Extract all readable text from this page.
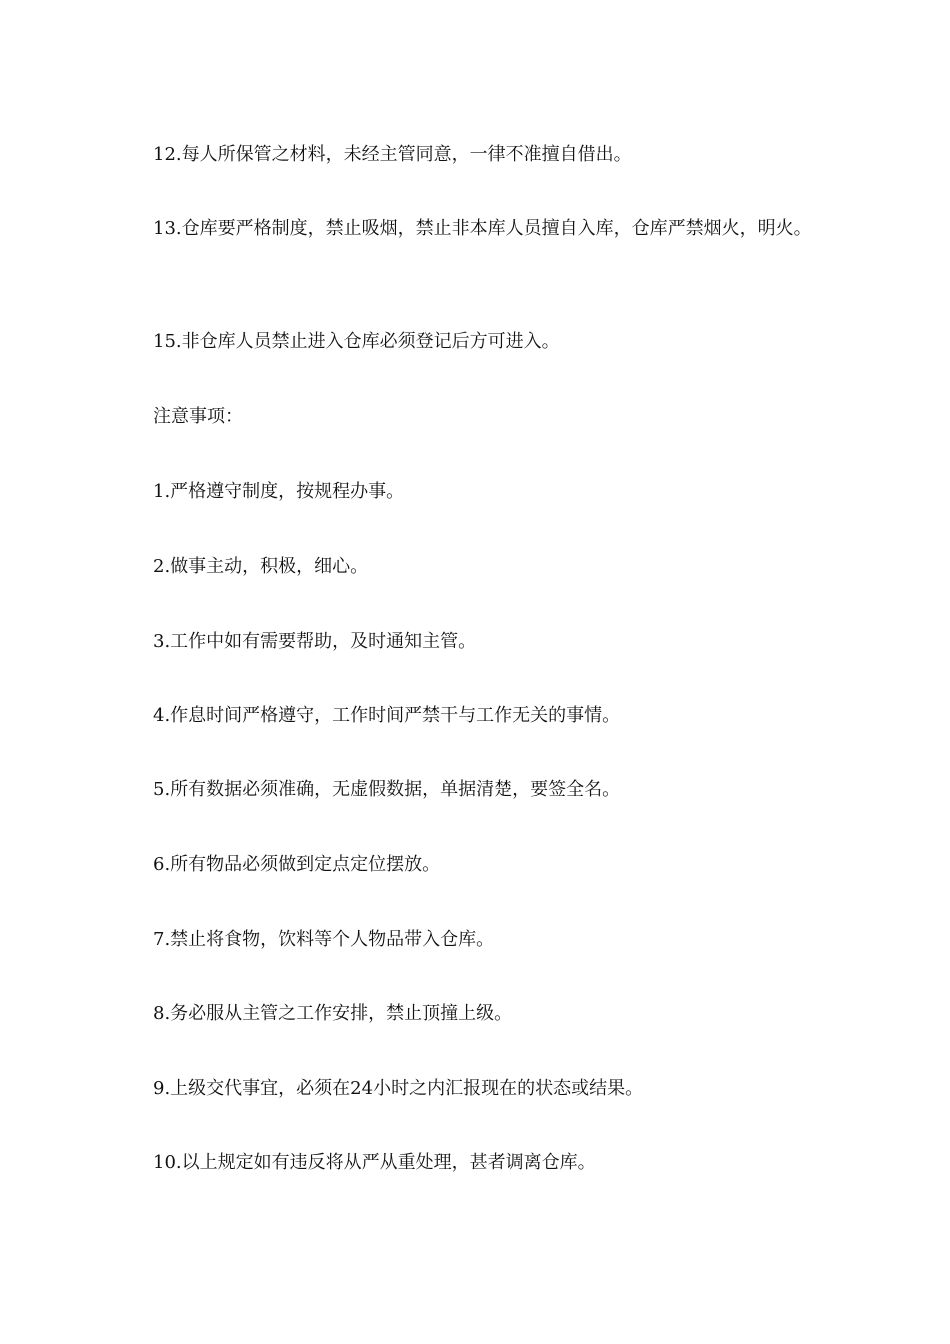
12.每人所保管之材料，未经主管同意，一律不准擅自借出。

13.仓库要严格制度，禁止吸烟，禁止非本库人员擅自入库，仓库严禁烟火，明火。

15.非仓库人员禁止进入仓库必须登记后方可进入。

注意事项：

1.严格遵守制度，按规程办事。

2.做事主动，积极，细心。

3.工作中如有需要帮助，及时通知主管。

4.作息时间严格遵守，工作时间严禁干与工作无关的事情。

5.所有数据必须准确，无虚假数据，单据清楚，要签全名。

6.所有物品必须做到定点定位摆放。

7.禁止将食物，饮料等个人物品带入仓库。

8.务必服从主管之工作安排，禁止顶撞上级。

9.上级交代事宜，必须在24小时之内汇报现在的状态或结果。

10.以上规定如有违反将从严从重处理，甚者调离仓库。
